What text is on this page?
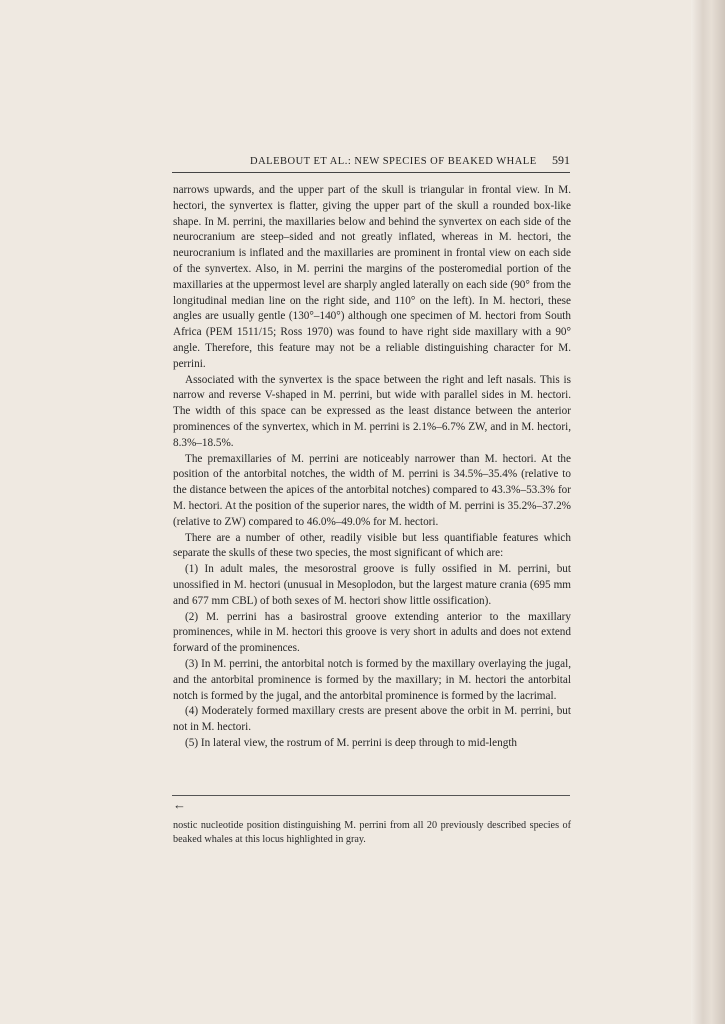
DALEBOUT ET AL.: NEW SPECIES OF BEAKED WHALE 591

narrows upwards, and the upper part of the skull is triangular in frontal view. In M. hectori, the synvertex is flatter, giving the upper part of the skull a rounded box-like shape. In M. perrini, the maxillaries below and behind the synvertex on each side of the neurocranium are steep–sided and not greatly inflated, whereas in M. hectori, the neurocranium is inflated and the maxillaries are prominent in frontal view on each side of the synvertex. Also, in M. perrini the margins of the posteromedial portion of the maxillaries at the uppermost level are sharply angled laterally on each side (90° from the longitudinal median line on the right side, and 110° on the left). In M. hectori, these angles are usually gentle (130°–140°) although one specimen of M. hectori from South Africa (PEM 1511/15; Ross 1970) was found to have right side maxillary with a 90° angle. Therefore, this feature may not be a reliable distinguishing character for M. perrini.

Associated with the synvertex is the space between the right and left nasals. This is narrow and reverse V-shaped in M. perrini, but wide with parallel sides in M. hectori. The width of this space can be expressed as the least distance between the anterior prominences of the synvertex, which in M. perrini is 2.1%–6.7% ZW, and in M. hectori, 8.3%–18.5%.

The premaxillaries of M. perrini are noticeably narrower than M. hectori. At the position of the antorbital notches, the width of M. perrini is 34.5%–35.4% (relative to the distance between the apices of the antorbital notches) compared to 43.3%–53.3% for M. hectori. At the position of the superior nares, the width of M. perrini is 35.2%–37.2% (relative to ZW) compared to 46.0%–49.0% for M. hectori.

There are a number of other, readily visible but less quantifiable features which separate the skulls of these two species, the most significant of which are:

(1) In adult males, the mesorostral groove is fully ossified in M. perrini, but unossified in M. hectori (unusual in Mesoplodon, but the largest mature crania (695 mm and 677 mm CBL) of both sexes of M. hectori show little ossification).

(2) M. perrini has a basirostral groove extending anterior to the maxillary prominences, while in M. hectori this groove is very short in adults and does not extend forward of the prominences.

(3) In M. perrini, the antorbital notch is formed by the maxillary overlaying the jugal, and the antorbital prominence is formed by the maxillary; in M. hectori the antorbital notch is formed by the jugal, and the antorbital prominence is formed by the lacrimal.

(4) Moderately formed maxillary crests are present above the orbit in M. perrini, but not in M. hectori.

(5) In lateral view, the rostrum of M. perrini is deep through to mid-length

←
nostic nucleotide position distinguishing M. perrini from all 20 previously described species of beaked whales at this locus highlighted in gray.
